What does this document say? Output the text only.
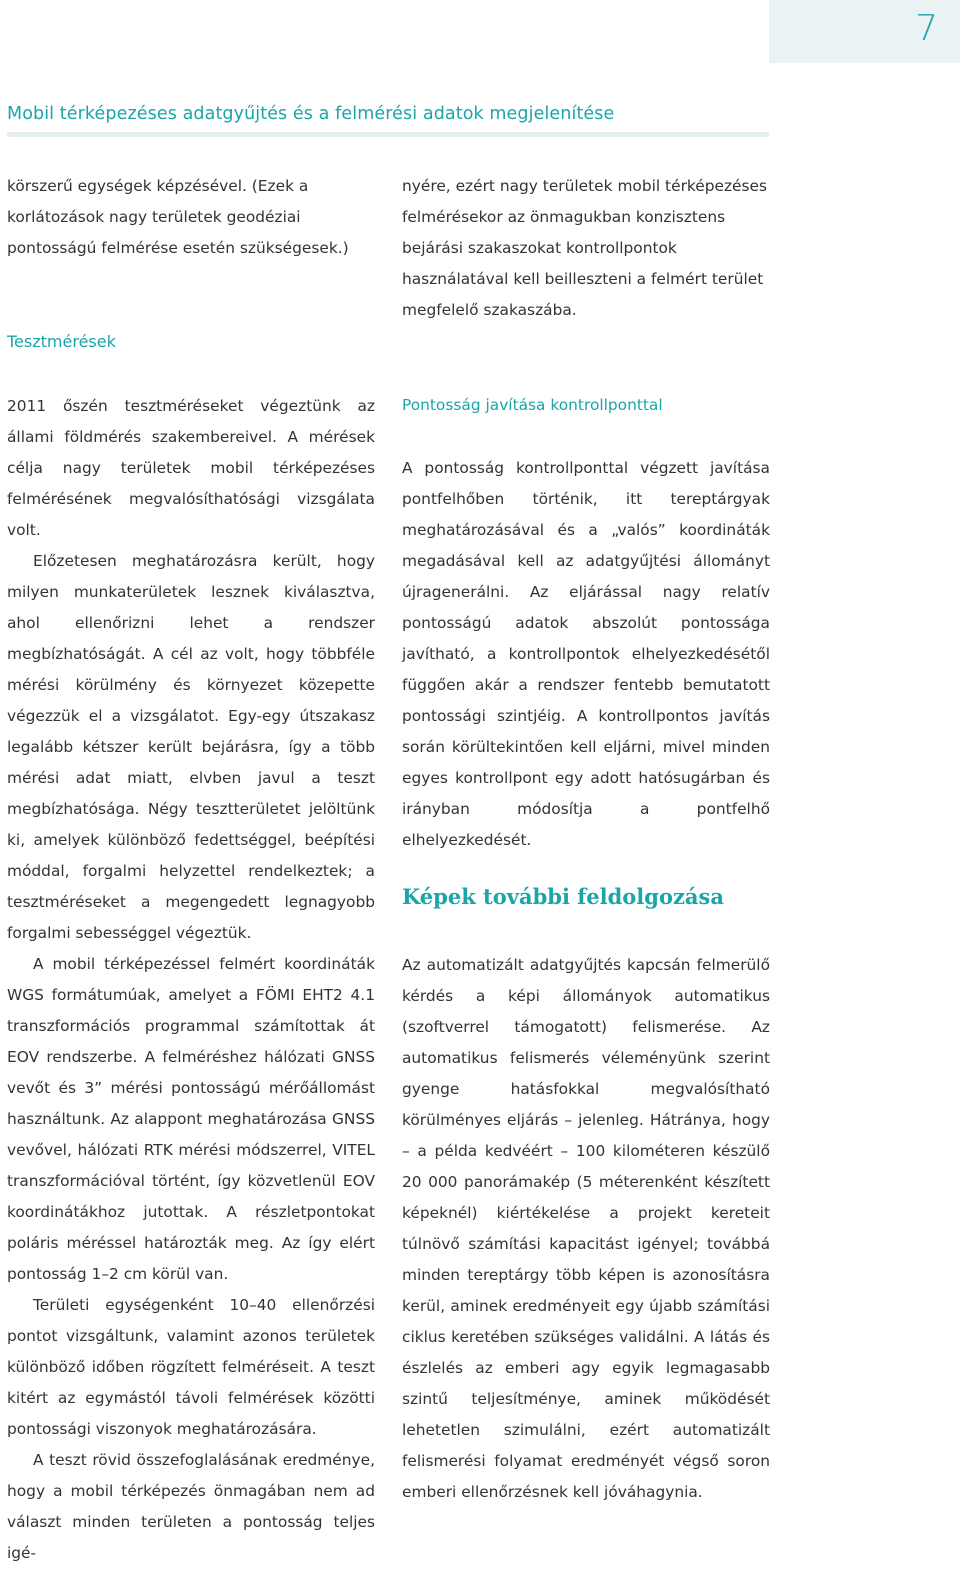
7
Mobil térképezéses adatgyűjtés és a felmérési adatok megjelenítése

körszerű egységek képzésével. (Ezek a korlátozások nagy területek geodéziai pontosságú felmérése esetén szükségesek.)

Tesztmérések

2011 őszén tesztméréseket végeztünk az állami földmérés szakembereivel. A mérések célja nagy területek mobil térképezéses felmérésének megvalósíthatósági vizsgálata volt.

Előzetesen meghatározásra került, hogy milyen munkaterületek lesznek kiválasztva, ahol ellenőrizni lehet a rendszer megbízhatóságát. A cél az volt, hogy többféle mérési körülmény és környezet közepette végezzük el a vizsgálatot. Egy-egy útszakasz legalább kétszer került bejárásra, így a több mérési adat miatt, elvben javul a teszt megbízhatósága. Négy tesztterületet jelöltünk ki, amelyek különböző fedettséggel, beépítési móddal, forgalmi helyzettel rendelkeztek; a tesztméréseket a megengedett legnagyobb forgalmi sebességgel végeztük.

A mobil térképezéssel felmért koordináták WGS formátumúak, amelyet a FÖMI EHT2 4.1 transzformációs programmal számítottak át EOV rendszerbe. A felméréshez hálózati GNSS vevőt és 3” mérési pontosságú mérőállomást használtunk. Az alappont meghatározása GNSS vevővel, hálózati RTK mérési módszerrel, VITEL transzformációval történt, így közvetlenül EOV koordinátákhoz jutottak. A részletpontokat poláris méréssel határozták meg. Az így elért pontosság 1–2 cm körül van.

Területi egységenként 10–40 ellenőrzési pontot vizsgáltunk, valamint azonos területek különböző időben rögzített felméréseit. A teszt kitért az egymástól távoli felmérések közötti pontossági viszonyok meghatározására.

A teszt rövid összefoglalásának eredménye, hogy a mobil térképezés önmagában nem ad választ minden területen a pontosság teljes igé-

nyére, ezért nagy területek mobil térképezéses felmérésekor az önmagukban konzisztens bejárási szakaszokat kontrollpontok használatával kell beilleszteni a felmért terület megfelelő szakaszába.

Pontosság javítása kontrollponttal

A pontosság kontrollponttal végzett javítása pontfelhőben történik, itt tereptárgyak meghatározásával és a „valós” koordináták megadásával kell az adatgyűjtési állományt újragenerálni. Az eljárással nagy relatív pontosságú adatok abszolút pontossága javítható, a kontrollpontok elhelyezkedésétől függően akár a rendszer fentebb bemutatott pontossági szintjéig. A kontrollpontos javítás során körültekintően kell eljárni, mivel minden egyes kontrollpont egy adott hatósugárban és irányban módosítja a pontfelhő elhelyezkedését.

Képek további feldolgozása

Az automatizált adatgyűjtés kapcsán felmerülő kérdés a képi állományok automatikus (szoftverrel támogatott) felismerése. Az automatikus felismerés véleményünk szerint gyenge hatásfokkal megvalósítható körülményes eljárás – jelenleg. Hátránya, hogy – a példa kedvéért – 100 kilométeren készülő 20 000 panorámakép (5 méterenként készített képeknél) kiértékelése a projekt kereteit túlnövő számítási kapacitást igényel; továbbá minden tereptárgy több képen is azonosításra kerül, aminek eredményeit egy újabb számítási ciklus keretében szükséges validálni. A látás és észlelés az emberi agy egyik legmagasabb szintű teljesítménye, aminek működését lehetetlen szimulálni, ezért automatizált felismerési folyamat eredményét végső soron emberi ellenőrzésnek kell jóváhagynia.
